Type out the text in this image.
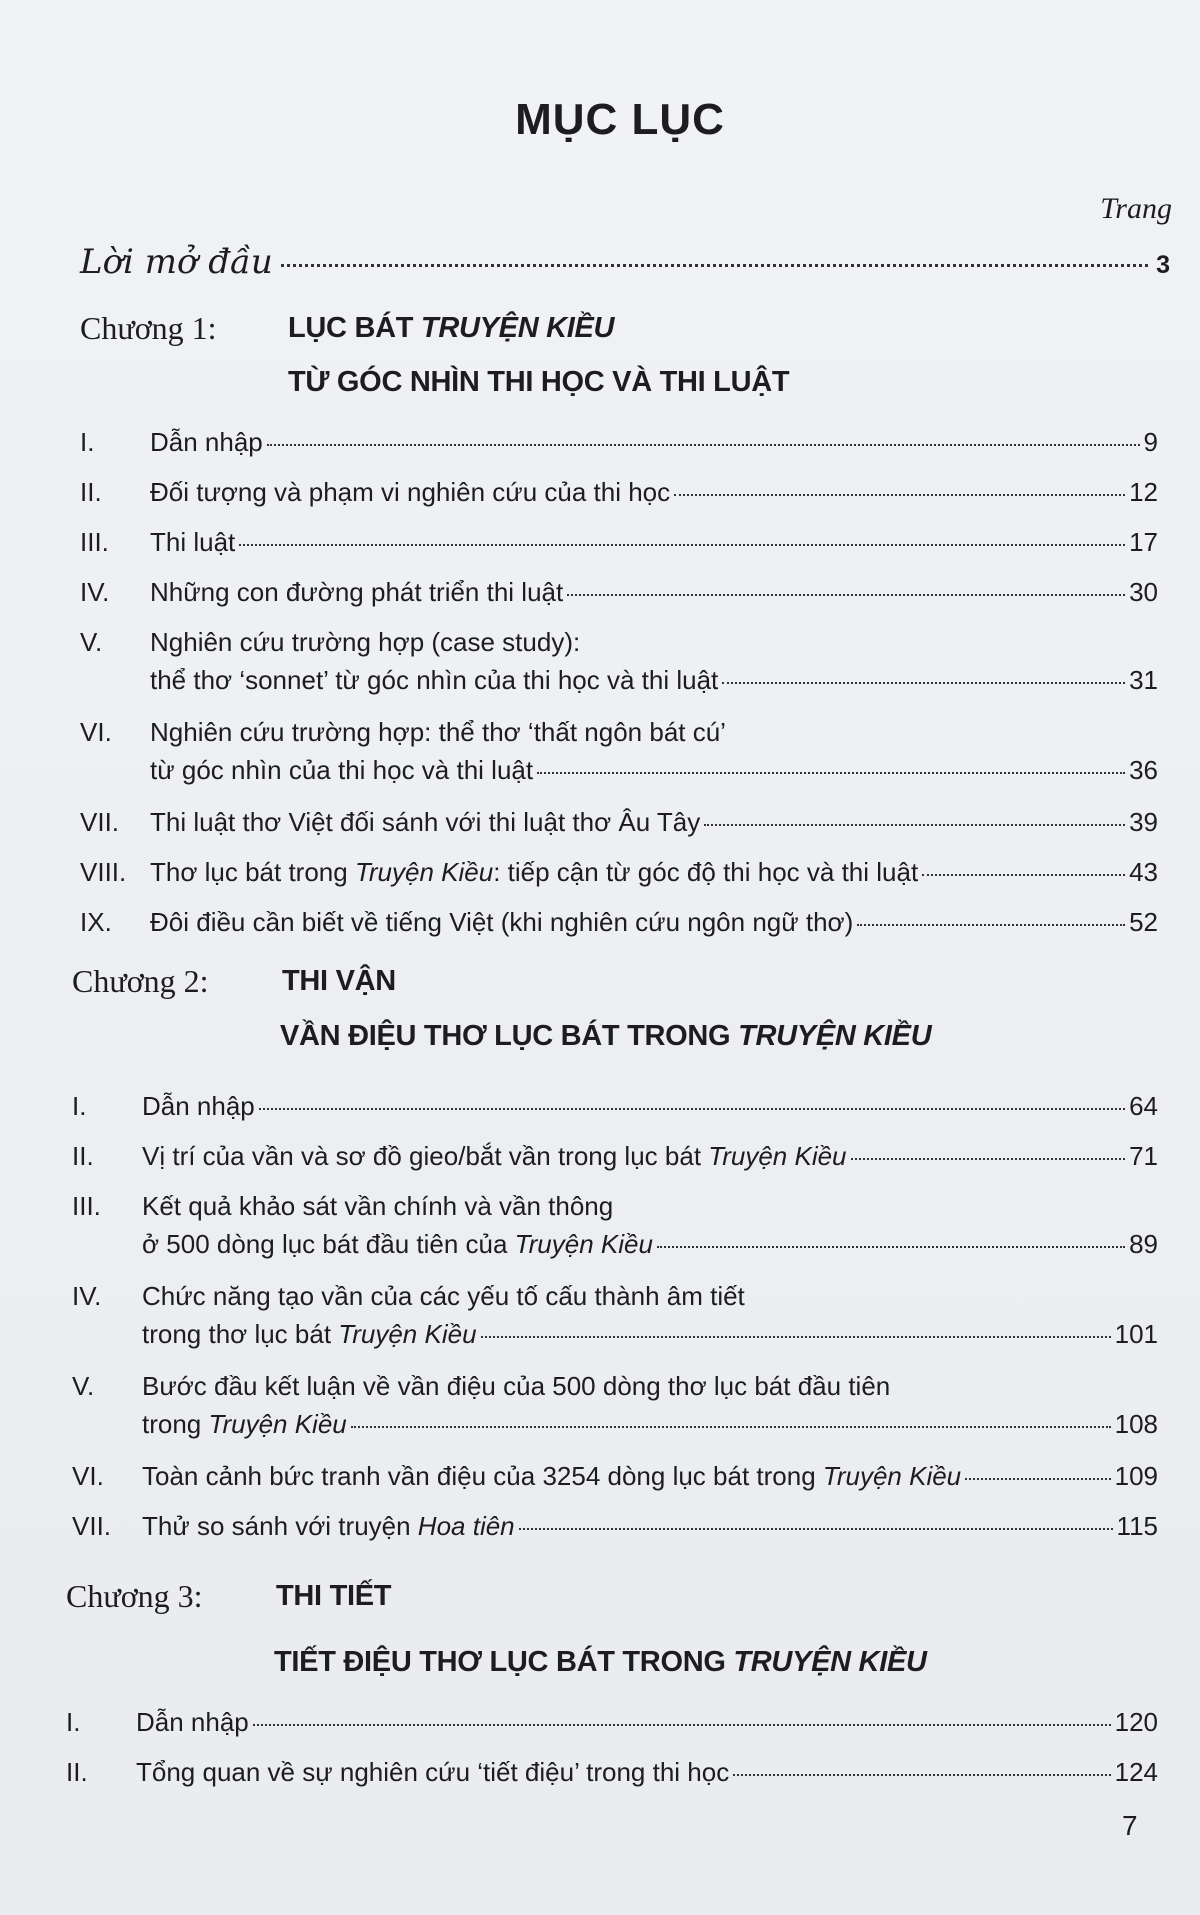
MỤC LỤC
Trang
Lời mở đầu	3
Chương 1: LỤC BÁT TRUYỆN KIỀU
TỪ GÓC NHÌN THI HỌC VÀ THI LUẬT
I.	Dẫn nhập	9
II.	Đối tượng và phạm vi nghiên cứu của thi học	12
III.	Thi luật	17
IV.	Những con đường phát triển thi luật	30
V.	Nghiên cứu trường hợp (case study):
thể thơ ‘sonnet’ từ góc nhìn của thi học và thi luật	31
VI.	Nghiên cứu trường hợp: thể thơ ‘thất ngôn bát cú’
từ góc nhìn của thi học và thi luật	36
VII.	Thi luật thơ Việt đối sánh với thi luật thơ Âu Tây	39
VIII. Thơ lục bát trong Truyện Kiều: tiếp cận từ góc độ thi học và thi luật	43
IX.	Đôi điều cần biết về tiếng Việt (khi nghiên cứu ngôn ngữ thơ)	52
Chương 2:	THI VẬN
VẦN ĐIỆU THƠ LỤC BÁT TRONG TRUYỆN KIỀU
I.	Dẫn nhập	64
II.	Vị trí của vần và sơ đồ gieo/bắt vần trong lục bát Truyện Kiều	71
III.	Kết quả khảo sát vần chính và vần thông
ở 500 dòng lục bát đầu tiên của Truyện Kiều	89
IV.	Chức năng tạo vần của các yếu tố cấu thành âm tiết
trong thơ lục bát Truyện Kiều	101
V.	Bước đầu kết luận về vần điệu của 500 dòng thơ lục bát đầu tiên
trong Truyện Kiều	108
VI.	Toàn cảnh bức tranh vần điệu của 3254 dòng lục bát trong Truyện Kiều	109
VII.	Thử so sánh với truyện Hoa tiên	115
Chương 3:	THI TIẾT
TIẾT ĐIỆU THƠ LỤC BÁT TRONG TRUYỆN KIỀU
I.	Dẫn nhập	120
II.	Tổng quan về sự nghiên cứu ‘tiết điệu’ trong thi học	124
7
